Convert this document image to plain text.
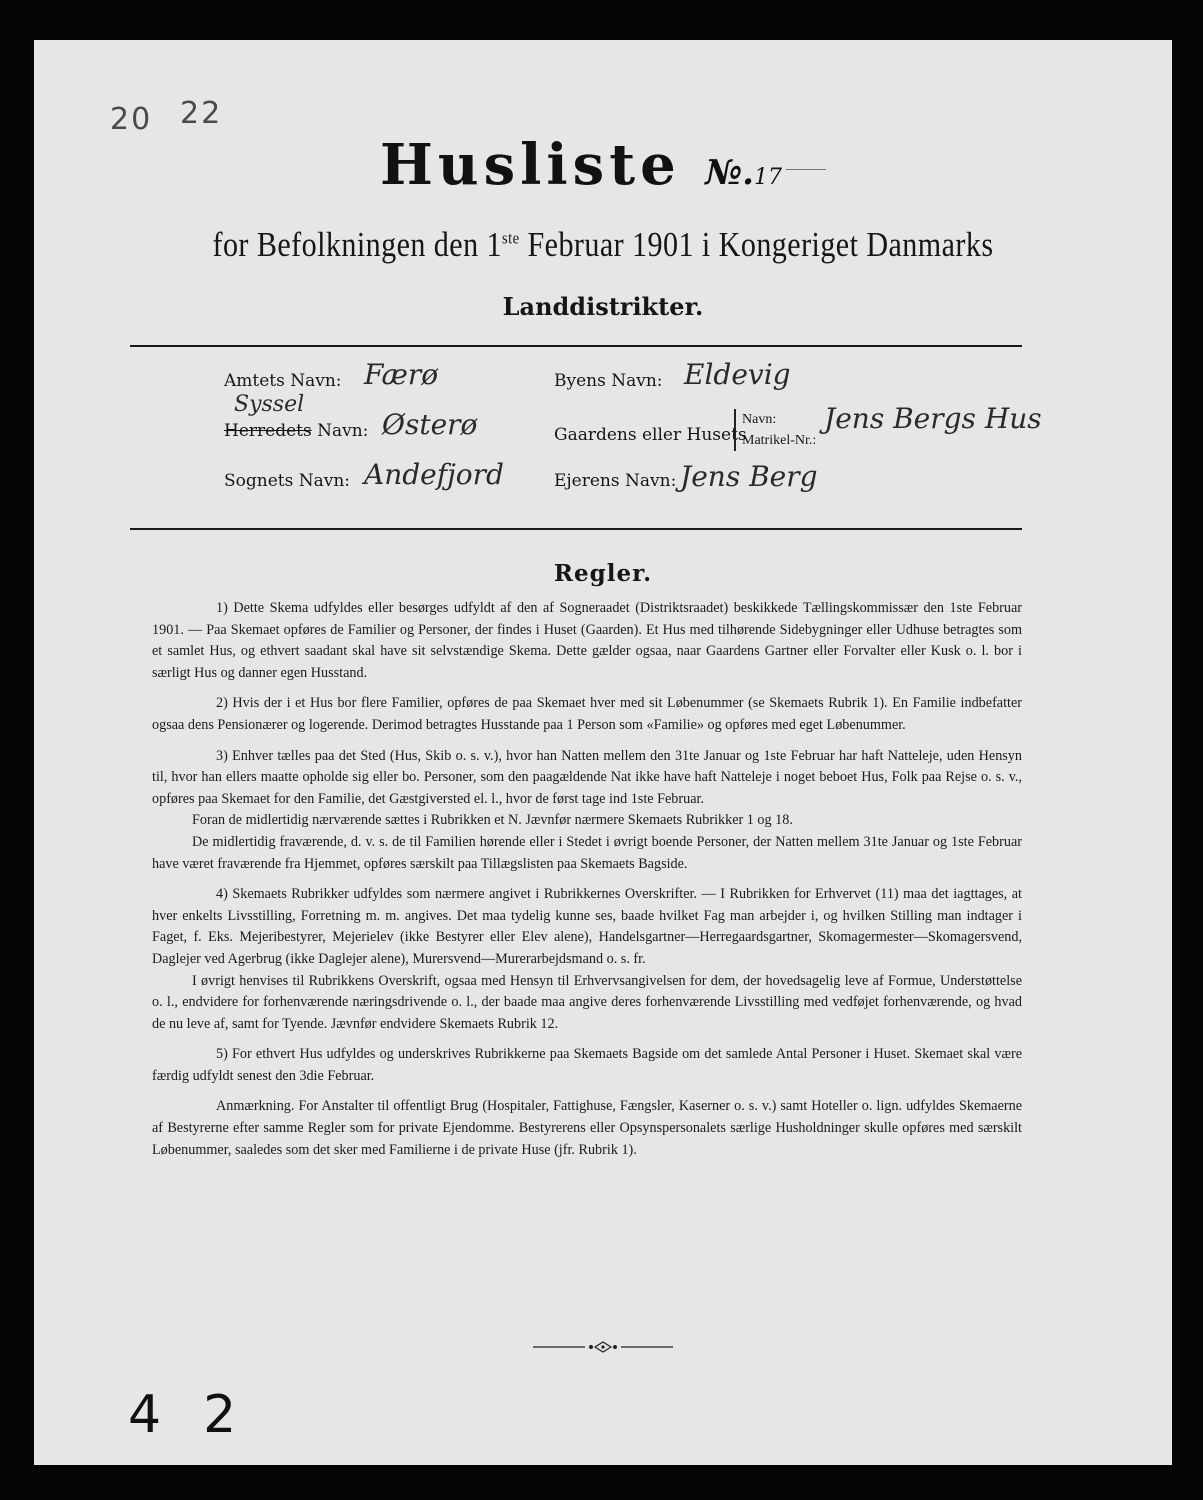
20 22
Husliste №.17
for Befolkningen den 1ste Februar 1901 i Kongeriget Danmarks
Landdistrikter.
Amtets Navn: Færø
Syssel
Herredets Navn: Østerø
Sognets Navn: Andefjord
Byens Navn: Eldevig
Gaardens eller Husets
Navn:
Matrikel-Nr.:
Jens Bergs Hus
Ejerens Navn: Jens Berg
Regler.

1) Dette Skema udfyldes eller besørges udfyldt af den af Sogneraadet (Distriktsraadet) beskikkede Tællingskommissær den 1ste Februar 1901. — Paa Skemaet opføres de Familier og Personer, der findes i Huset (Gaarden). Et Hus med tilhørende Sidebygninger eller Udhuse betragtes som et samlet Hus, og ethvert saadant skal have sit selvstændige Skema. Dette gælder ogsaa, naar Gaardens Gartner eller Forvalter eller Kusk o. l. bor i særligt Hus og danner egen Husstand.

2) Hvis der i et Hus bor flere Familier, opføres de paa Skemaet hver med sit Løbenummer (se Skemaets Rubrik 1). En Familie indbefatter ogsaa dens Pensionærer og logerende. Derimod betragtes Husstande paa 1 Person som «Familie» og opføres med eget Løbenummer.

3) Enhver tælles paa det Sted (Hus, Skib o. s. v.), hvor han Natten mellem den 31te Januar og 1ste Februar har haft Natteleje, uden Hensyn til, hvor han ellers maatte opholde sig eller bo. Personer, som den paagældende Nat ikke have haft Natteleje i noget beboet Hus, Folk paa Rejse o. s. v., opføres paa Skemaet for den Familie, det Gæstgiversted el. l., hvor de først tage ind 1ste Februar.

Foran de midlertidig nærværende sættes i Rubrikken et N. Jævnfør nærmere Skemaets Rubrikker 1 og 18.

De midlertidig fraværende, d. v. s. de til Familien hørende eller i Stedet i øvrigt boende Personer, der Natten mellem 31te Januar og 1ste Februar have været fraværende fra Hjemmet, opføres særskilt paa Tillægslisten paa Skemaets Bagside.

4) Skemaets Rubrikker udfyldes som nærmere angivet i Rubrikkernes Overskrifter. — I Rubrikken for Erhvervet (11) maa det iagttages, at hver enkelts Livsstilling, Forretning m. m. angives. Det maa tydelig kunne ses, baade hvilket Fag man arbejder i, og hvilken Stilling man indtager i Faget, f. Eks. Mejeribestyrer, Mejerielev (ikke Bestyrer eller Elev alene), Handelsgartner—Herregaardsgartner, Skomagermester—Skomagersvend, Daglejer ved Agerbrug (ikke Daglejer alene), Murersvend—Murerarbejdsmand o. s. fr.

I øvrigt henvises til Rubrikkens Overskrift, ogsaa med Hensyn til Erhvervsangivelsen for dem, der hovedsagelig leve af Formue, Understøttelse o. l., endvidere for forhenværende næringsdrivende o. l., der baade maa angive deres forhenværende Livsstilling med vedføjet forhenværende, og hvad de nu leve af, samt for Tyende. Jævnfør endvidere Skemaets Rubrik 12.

5) For ethvert Hus udfyldes og underskrives Rubrikkerne paa Skemaets Bagside om det samlede Antal Personer i Huset. Skemaet skal være færdig udfyldt senest den 3die Februar.

Anmærkning. For Anstalter til offentligt Brug (Hospitaler, Fattighuse, Fængsler, Kaserner o. s. v.) samt Hoteller o. lign. udfyldes Skemaerne af Bestyrerne efter samme Regler som for private Ejendomme. Bestyrerens eller Opsynspersonalets særlige Husholdninger skulle opføres med særskilt Løbenummer, saaledes som det sker med Familierne i de private Huse (jfr. Rubrik 1).

42
